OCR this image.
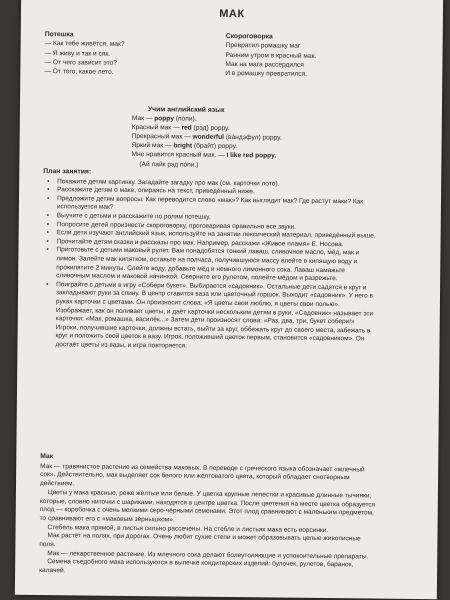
МАК
Потешка
— Как тебе живётся, мак?
— Я живу и так и сяк.
— От чего зависит это?
— От того, какое лето.
Скороговорка
Превратил ромашку маг
Ранним утром в красный мак.
Мак на мага рассердился
И в ромашку превратился.
Учим английский язык
Мак — poppy (пóпи).
Красный мак — red (рэд) poppy.
Прекрасный мак — wonderful (вáндэфул) poppy.
Яркий мак — bright (брайт) poppy.
Мне нравится красный мак. — I like red poppy.
(Ай лайк рэд пóпи.)
План занятия:
• Покажите детям картинку. Загадайте загадку про мак (см. карточки лото).
• Расскажите детям о маке, опираясь на текст, приведённый ниже.
• Предложите детям вопросы: Как переводится слово «мак»? Как выглядит мак? Где растут маки? Как используется мак?
• Выучите с детьми и расскажите по ролям потешку.
• Попросите детей произнести скороговорку, проговаривая правильно все звуки.
• Если дети изучают английский язык, используйте на занятии лексический материал, приведённый выше.
• Прочитайте детям сказки и рассказы про мак. Например, расскажи «Живое пламя» Е. Носова.
• Приготовьте с детьми маковый рулет. Вам понадобятся тонкий лаваш, сливочное масло, мёд, мак и лимон. Залейте мак кипятком, оставьте на полчаса, получившуюся массу влейте в кипящую воду и прокипятите 2 минуты. Слейте воду, добавьте мёд и немного лимонного сока. Лаваш намажьте сливочным маслом и маковой начинкой. Сверните его рулетом, полейте мёдом и разрежьте.
• Поиграйте с детьми в игру «Собери букет». Выбирается «садовник». Остальные дети садятся в круг и закладывают руки за спину. В центр ставится ваза или цветочный горшок. Выходит «садовник». У него в руках карточки с цветами. Он произносит слова: «Я цветы свои люблю, я цветы свои полью». Изображает, как он поливает цветы, и даёт карточки нескольким детям в руки. «Садовник» называет эти карточки: «Мак, ромашка, василёк...» Затем дети произносят слова: «Раз, два, три, букет собери!» Игроки, получившие карточки, должны встать, выйти за круг, оббежать круг до своего места, забежать в круг и положить свой цветок в вазу. Игрок, положивший цветок первым, становится «садовником». Он достаёт цветы из вазы, и игра повторяется.
Мак

Мак — травянистое растение из семейства маковых. В переводе с греческого языка обозначает «млечный сок». Действительно, мак выделяет сок белого или желтоватого цвета, который обладает снотворным действием.

Цветы у мака красные, реже жёлтые или белые. У цветка крупные лепестки и красивые длинные тычинки, которые, словно ниточки с шариками, находятся в центре цветка. После цветения на месте цветка образуется плод — коробочка с очень мелкими серо-чёрными семенами. Этот плод сравнивают с маленьким предметом, то сравнивают его с «маковым зёрнышком».

Стебель мака прямой, в листья сильно рассечены. На стебле и листьях мака есть ворсинки.

Мак растёт на полях, при дорогах. Очень любит сухие степи и может образовывать целые живописные поля.

Мак — лекарственное растение. Из млечного сока делают болеутоляющие и успокоительные препараты.

Семена съедобного мака используются в выпечке кондитерских изделий: булочек, рулетов, баранок, калачей.
